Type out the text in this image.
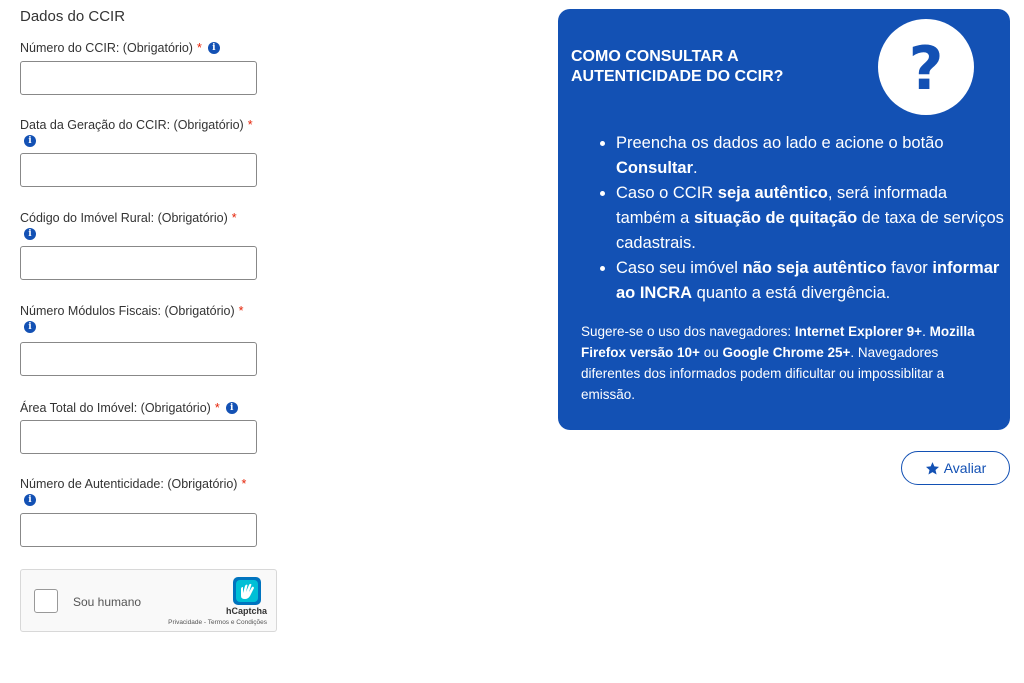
Dados do CCIR
Número do CCIR: (Obrigatório) * i
Data da Geração do CCIR: (Obrigatório) *
i
Código do Imóvel Rural: (Obrigatório) *
i
Número Módulos Fiscais: (Obrigatório) *
i
Área Total do Imóvel: (Obrigatório) * i
Número de Autenticidade: (Obrigatório) *
i
Sou humano
hCaptcha
Privacidade - Termos e Condições
COMO CONSULTAR A AUTENTICIDADE DO CCIR?	?
• Preencha os dados ao lado e acione o botão Consultar.
• Caso o CCIR seja autêntico, será informada também a situação de quitação de taxa de serviços cadastrais.
• Caso seu imóvel não seja autêntico favor informar ao INCRA quanto a está divergência.
Sugere-se o uso dos navegadores: Internet Explorer 9+. Mozilla Firefox versão 10+ ou Google Chrome 25+. Navegadores diferentes dos informados podem dificultar ou impossiblitar a emissão.
Avaliar
